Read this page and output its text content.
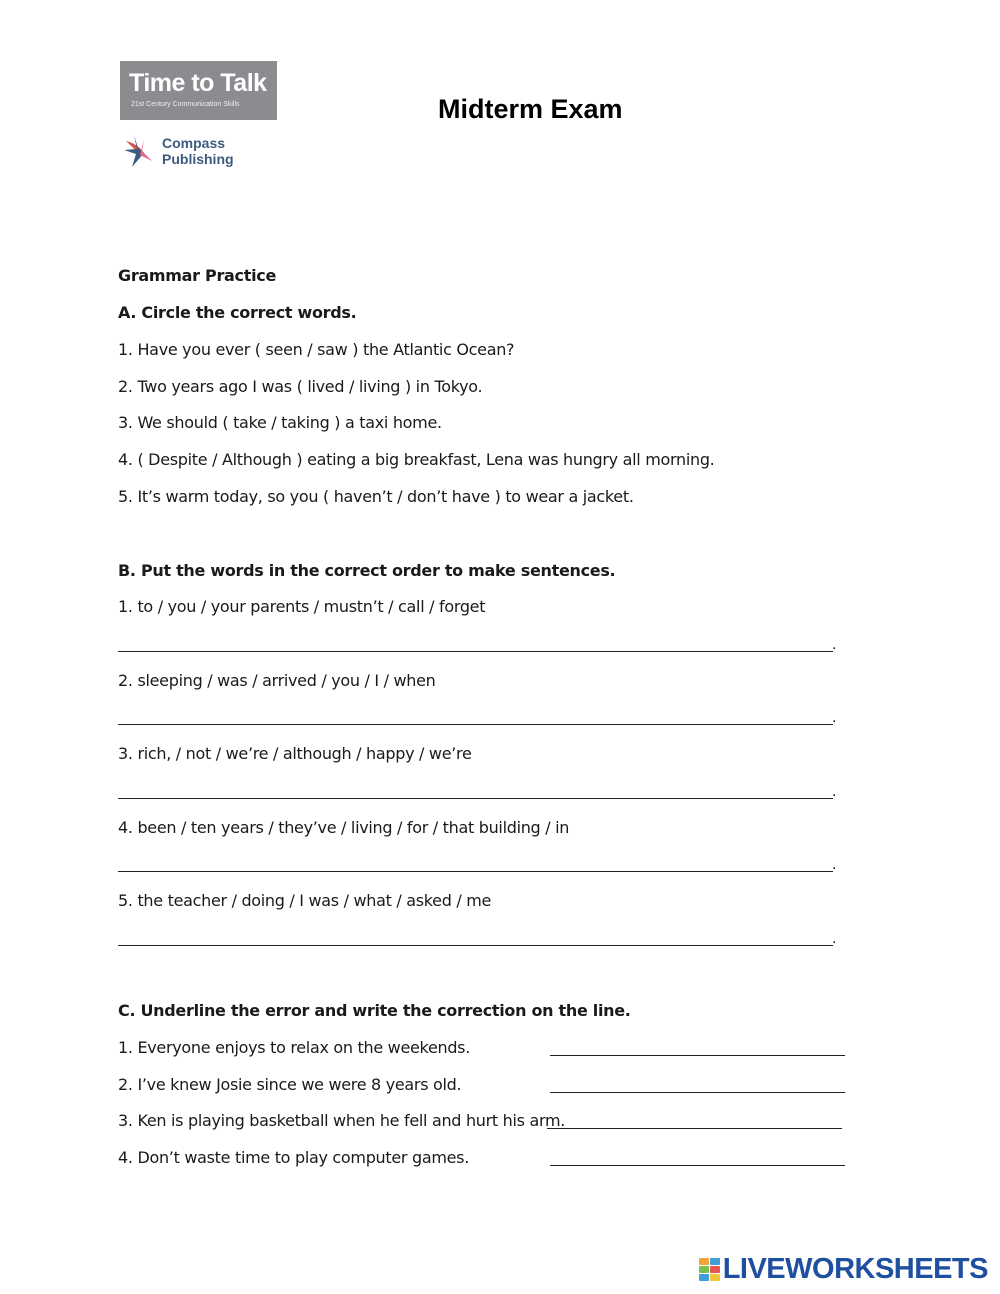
Time to Talk
21st Century Communication Skills
Compass
Publishing
Midterm Exam
Grammar Practice
A. Circle the correct words.
1. Have you ever ( seen / saw ) the Atlantic Ocean?
2. Two years ago I was ( lived / living ) in Tokyo.
3. We should ( take / taking ) a taxi home.
4. ( Despite / Although ) eating a big breakfast, Lena was hungry all morning.
5. It’s warm today, so you ( haven’t / don’t have ) to wear a jacket.
B. Put the words in the correct order to make sentences.
1. to / you / your parents / mustn’t / call / forget
.
2. sleeping / was / arrived / you / I / when
.
3. rich, / not / we’re / although / happy / we’re
.
4. been / ten years / they’ve / living / for / that building / in
.
5. the teacher / doing / I was / what / asked / me
.
C. Underline the error and write the correction on the line.
1. Everyone enjoys to relax on the weekends.
2. I’ve knew Josie since we were 8 years old.
3. Ken is playing basketball when he fell and hurt his arm.
4. Don’t waste time to play computer games.
LIVEWORKSHEETS
